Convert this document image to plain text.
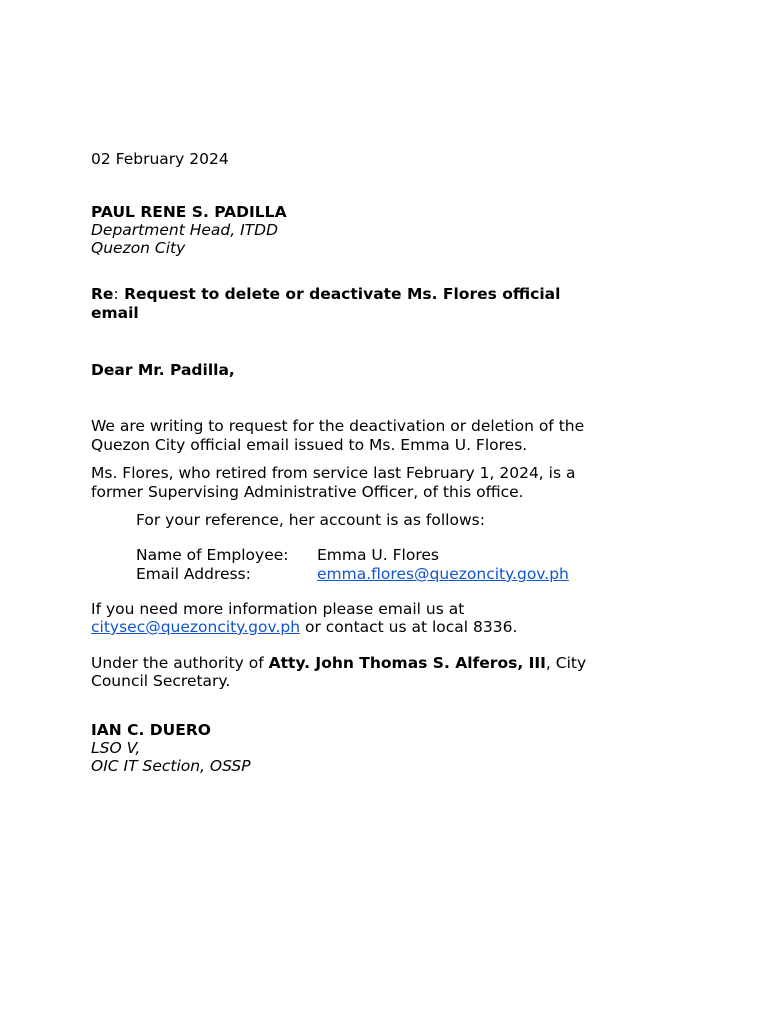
02 February 2024
PAUL RENE S. PADILLA
Department Head, ITDD
Quezon City
Re: Request to delete or deactivate Ms. Flores official
email
Dear Mr. Padilla,
We are writing to request for the deactivation or deletion of the
Quezon City official email issued to Ms. Emma U. Flores.
Ms. Flores, who retired from service last February 1, 2024, is a
former Supervising Administrative Officer, of this office.
For your reference, her account is as follows:
Name of Employee:	Emma U. Flores
Email Address:	emma.flores@quezoncity.gov.ph
If you need more information please email us at
citysec@quezoncity.gov.ph or contact us at local 8336.
Under the authority of Atty. John Thomas S. Alferos, III, City
Council Secretary.
IAN C. DUERO
LSO V,
OIC IT Section, OSSP
